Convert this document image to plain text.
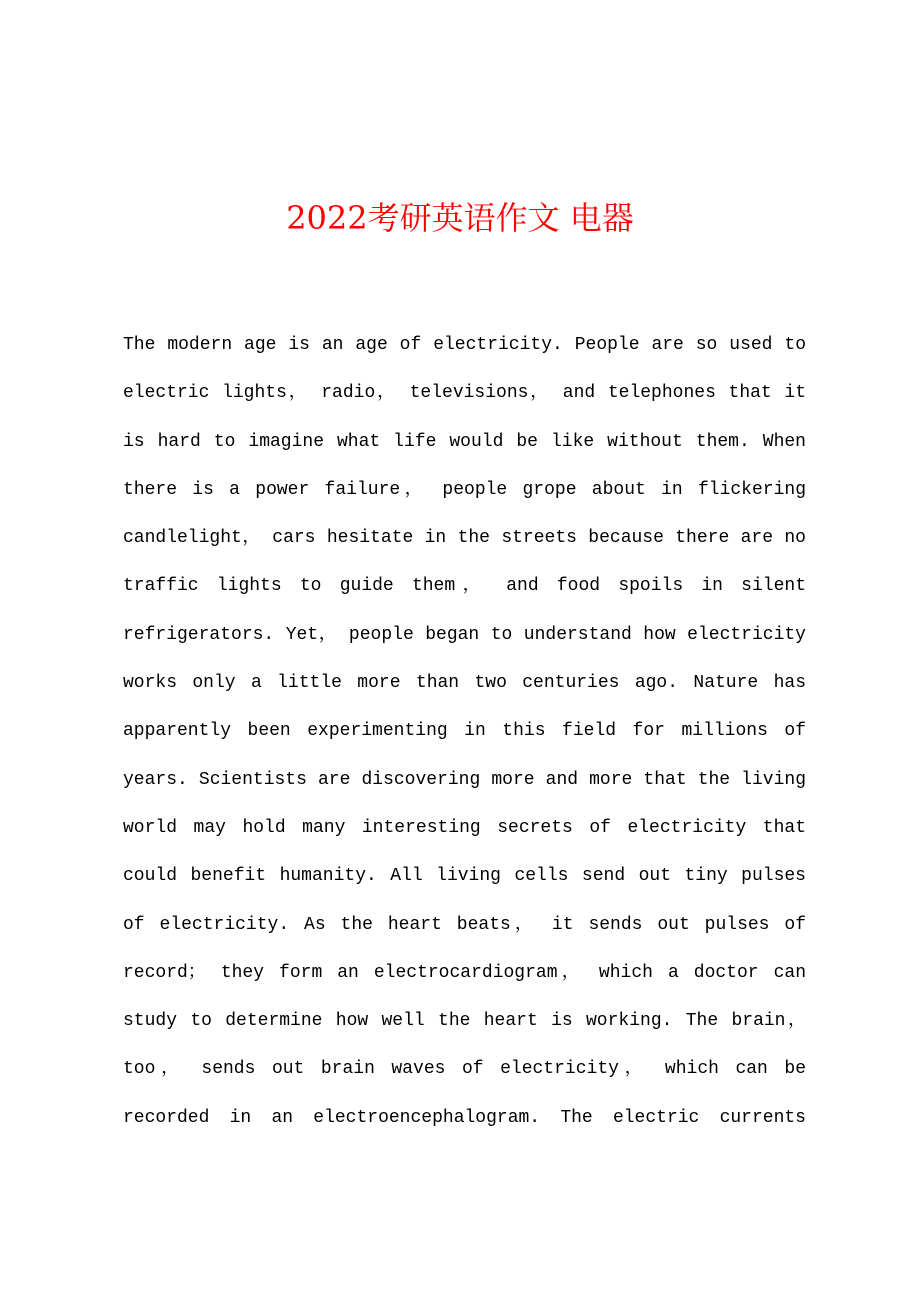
2022考研英语作文 电器
The modern age is an age of electricity. People are so used to
electric lights， radio， televisions， and telephones that it
is hard to imagine what life would be like without them. When
there is a power failure， people grope about in flickering
candlelight， cars hesitate in the streets because there are no
traffic lights to guide them， and food spoils in silent
refrigerators. Yet， people began to understand how electricity
works only a little more than two centuries ago. Nature has
apparently been experimenting in this field for millions of
years. Scientists are discovering more and more that the living
world may hold many interesting secrets of electricity that
could benefit humanity. All living cells send out tiny pulses
of electricity. As the heart beats， it sends out pulses of
record； they form an electrocardiogram， which a doctor can
study to determine how well the heart is working. The brain，
too， sends out brain waves of electricity， which can be
recorded in an electroencephalogram. The electric currents
